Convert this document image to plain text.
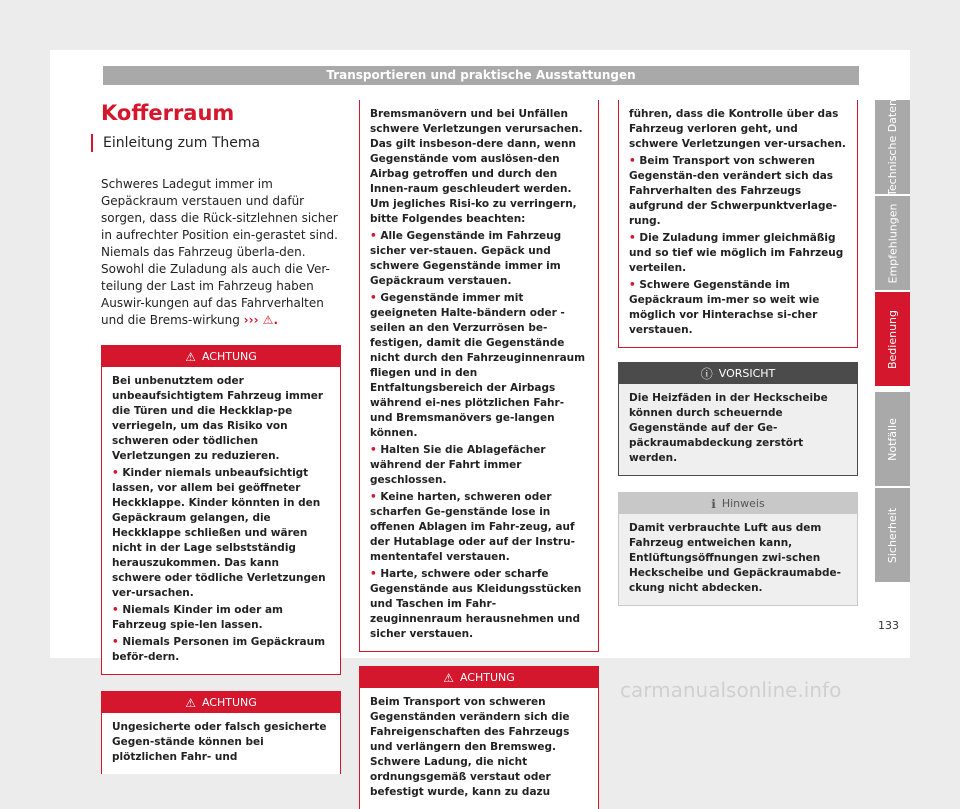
Transportieren und praktische Ausstattungen
Kofferraum
Einleitung zum Thema
Schweres Ladegut immer im Gepäckraum verstauen und dafür sorgen, dass die Rück-sitzlehnen sicher in aufrechter Position ein-gerastet sind. Niemals das Fahrzeug überla-den. Sowohl die Zuladung als auch die Ver-teilung der Last im Fahrzeug haben Auswir-kungen auf das Fahrverhalten und die Brems-wirkung ››› ⚠.
⚠ ACHTUNG

Bei unbenutztem oder unbeaufsichtigtem Fahrzeug immer die Türen und die Heckklap-pe verriegeln, um das Risiko von schweren oder tödlichen Verletzungen zu reduzieren.

• Kinder niemals unbeaufsichtigt lassen, vor allem bei geöffneter Heckklappe. Kinder könnten in den Gepäckraum gelangen, die Heckklappe schließen und wären nicht in der Lage selbstständig herauszukommen. Das kann schwere oder tödliche Verletzungen ver-ursachen.

• Niemals Kinder im oder am Fahrzeug spie-len lassen.

• Niemals Personen im Gepäckraum beför-dern.

⚠ ACHTUNG

Ungesicherte oder falsch gesicherte Gegen-stände können bei plötzlichen Fahr- und

Bremsmanövern und bei Unfällen schwere Verletzungen verursachen. Das gilt insbeson-dere dann, wenn Gegenstände vom auslösen-den Airbag getroffen und durch den Innen-raum geschleudert werden. Um jegliches Risi-ko zu verringern, bitte Folgendes beachten:

• Alle Gegenstände im Fahrzeug sicher ver-stauen. Gepäck und schwere Gegenstände immer im Gepäckraum verstauen.

• Gegenstände immer mit geeigneten Halte-bändern oder -seilen an den Verzurrösen be-festigen, damit die Gegenstände nicht durch den Fahrzeuginnenraum fliegen und in den Entfaltungsbereich der Airbags während ei-nes plötzlichen Fahr- und Bremsmanövers ge-langen können.

• Halten Sie die Ablagefächer während der Fahrt immer geschlossen.

• Keine harten, schweren oder scharfen Ge-genstände lose in offenen Ablagen im Fahr-zeug, auf der Hutablage oder auf der Instru-mententafel verstauen.

• Harte, schwere oder scharfe Gegenstände aus Kleidungsstücken und Taschen im Fahr-zeuginnenraum herausnehmen und sicher verstauen.

⚠ ACHTUNG

Beim Transport von schweren Gegenständen verändern sich die Fahreigenschaften des Fahrzeugs und verlängern den Bremsweg. Schwere Ladung, die nicht ordnungsgemäß verstaut oder befestigt wurde, kann zu dazu

führen, dass die Kontrolle über das Fahrzeug verloren geht, und schwere Verletzungen ver-ursachen.

• Beim Transport von schweren Gegenstän-den verändert sich das Fahrverhalten des Fahrzeugs aufgrund der Schwerpunktverlage-rung.

• Die Zuladung immer gleichmäßig und so tief wie möglich im Fahrzeug verteilen.

• Schwere Gegenstände im Gepäckraum im-mer so weit wie möglich vor Hinterachse si-cher verstauen.

ⓘ VORSICHT

Die Heizfäden in der Heckscheibe können durch scheuernde Gegenstände auf der Ge-päckraumabdeckung zerstört werden.

ℹ Hinweis

Damit verbrauchte Luft aus dem Fahrzeug entweichen kann, Entlüftungsöffnungen zwi-schen Heckscheibe und Gepäckraumabde-ckung nicht abdecken.

Technische Daten
Empfehlungen
Bedienung
Notfälle
Sicherheit
133
carmanualsonline.info
